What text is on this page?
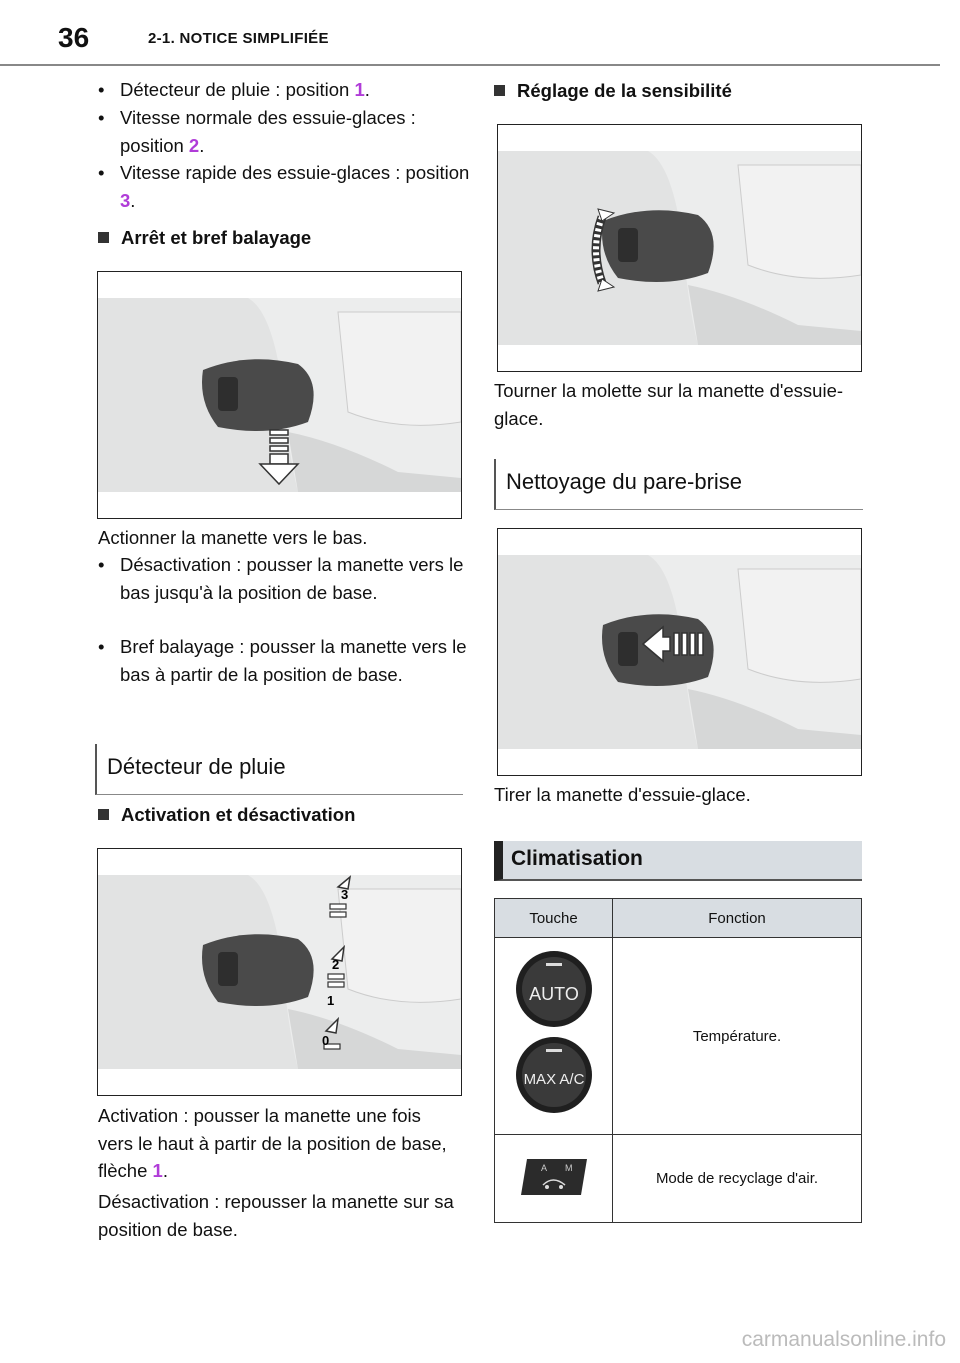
36	2-1. NOTICE SIMPLIFIÉE
• Détecteur de pluie : position 1.
• Vitesse normale des essuie-glaces : position 2.
• Vitesse rapide des essuie-glaces : position 3.
Arrêt et bref balayage
Actionner la manette vers le bas.
• Désactivation : pousser la manette vers le bas jusqu'à la position de base.
• Bref balayage : pousser la manette vers le bas à partir de la position de base.
Détecteur de pluie
Activation et désactivation
3
2
1
0
Activation : pousser la manette une fois vers le haut à partir de la position de base, flèche 1.
Désactivation : repousser la manette sur sa position de base.
Réglage de la sensibilité
Tourner la molette sur la manette d'essuie-glace.
Nettoyage du pare-brise
Tirer la manette d'essuie-glace.
Climatisation
Touche	Fonction

AUTO
MAX A/C	Température.

A M	Mode de recyclage d'air.
carmanualsonline.info
